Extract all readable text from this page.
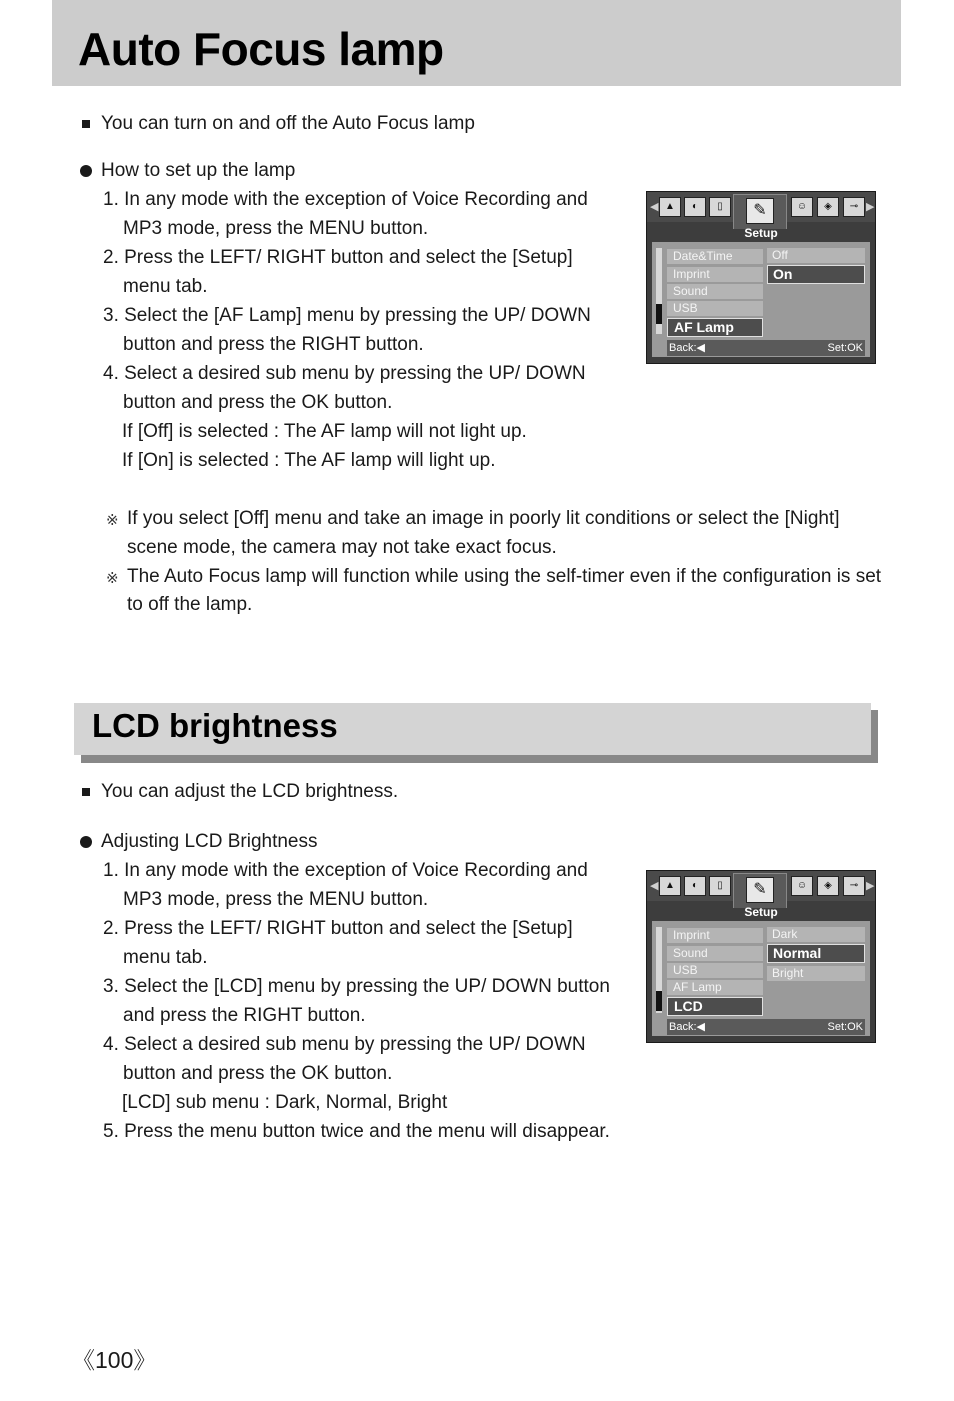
Auto Focus lamp
You can turn on and off the Auto Focus lamp
How to set up the lamp
1. In any mode with the exception of Voice Recording and
MP3 mode, press the MENU button.
2. Press the LEFT/ RIGHT button and select the [Setup]
menu tab.
3. Select the [AF Lamp] menu by pressing the UP/ DOWN
button and press the RIGHT button.
4. Select a desired sub menu by pressing the UP/ DOWN
button and press the OK button.
If [Off] is selected : The AF lamp will not light up.
If [On] is selected : The AF lamp will light up.
※ If you select [Off] menu and take an image in poorly lit conditions or select the [Night]
scene mode, the camera may not take exact focus.
※ The Auto Focus lamp will function while using the self-timer even if the configuration is set
to off the lamp.
◀ ▲	◐	▯	✎	☺	◈	⊸ ▶
Setup
Date&Time
Imprint
Sound
USB
AF Lamp
Off
On
Back:◀	Set:OK
LCD brightness
You can adjust the LCD brightness.
Adjusting LCD Brightness
1. In any mode with the exception of Voice Recording and
MP3 mode, press the MENU button.
2. Press the LEFT/ RIGHT button and select the [Setup]
menu tab.
3. Select the [LCD] menu by pressing the UP/ DOWN button
and press the RIGHT button.
4. Select a desired sub menu by pressing the UP/ DOWN
button and press the OK button.
[LCD] sub menu : Dark, Normal, Bright
5. Press the menu button twice and the menu will disappear.
◀ ▲	◐	▯	✎	☺	◈	⊸ ▶
Setup
Imprint
Sound
USB
AF Lamp
LCD
Dark
Normal
Bright
Back:◀	Set:OK
《100》
